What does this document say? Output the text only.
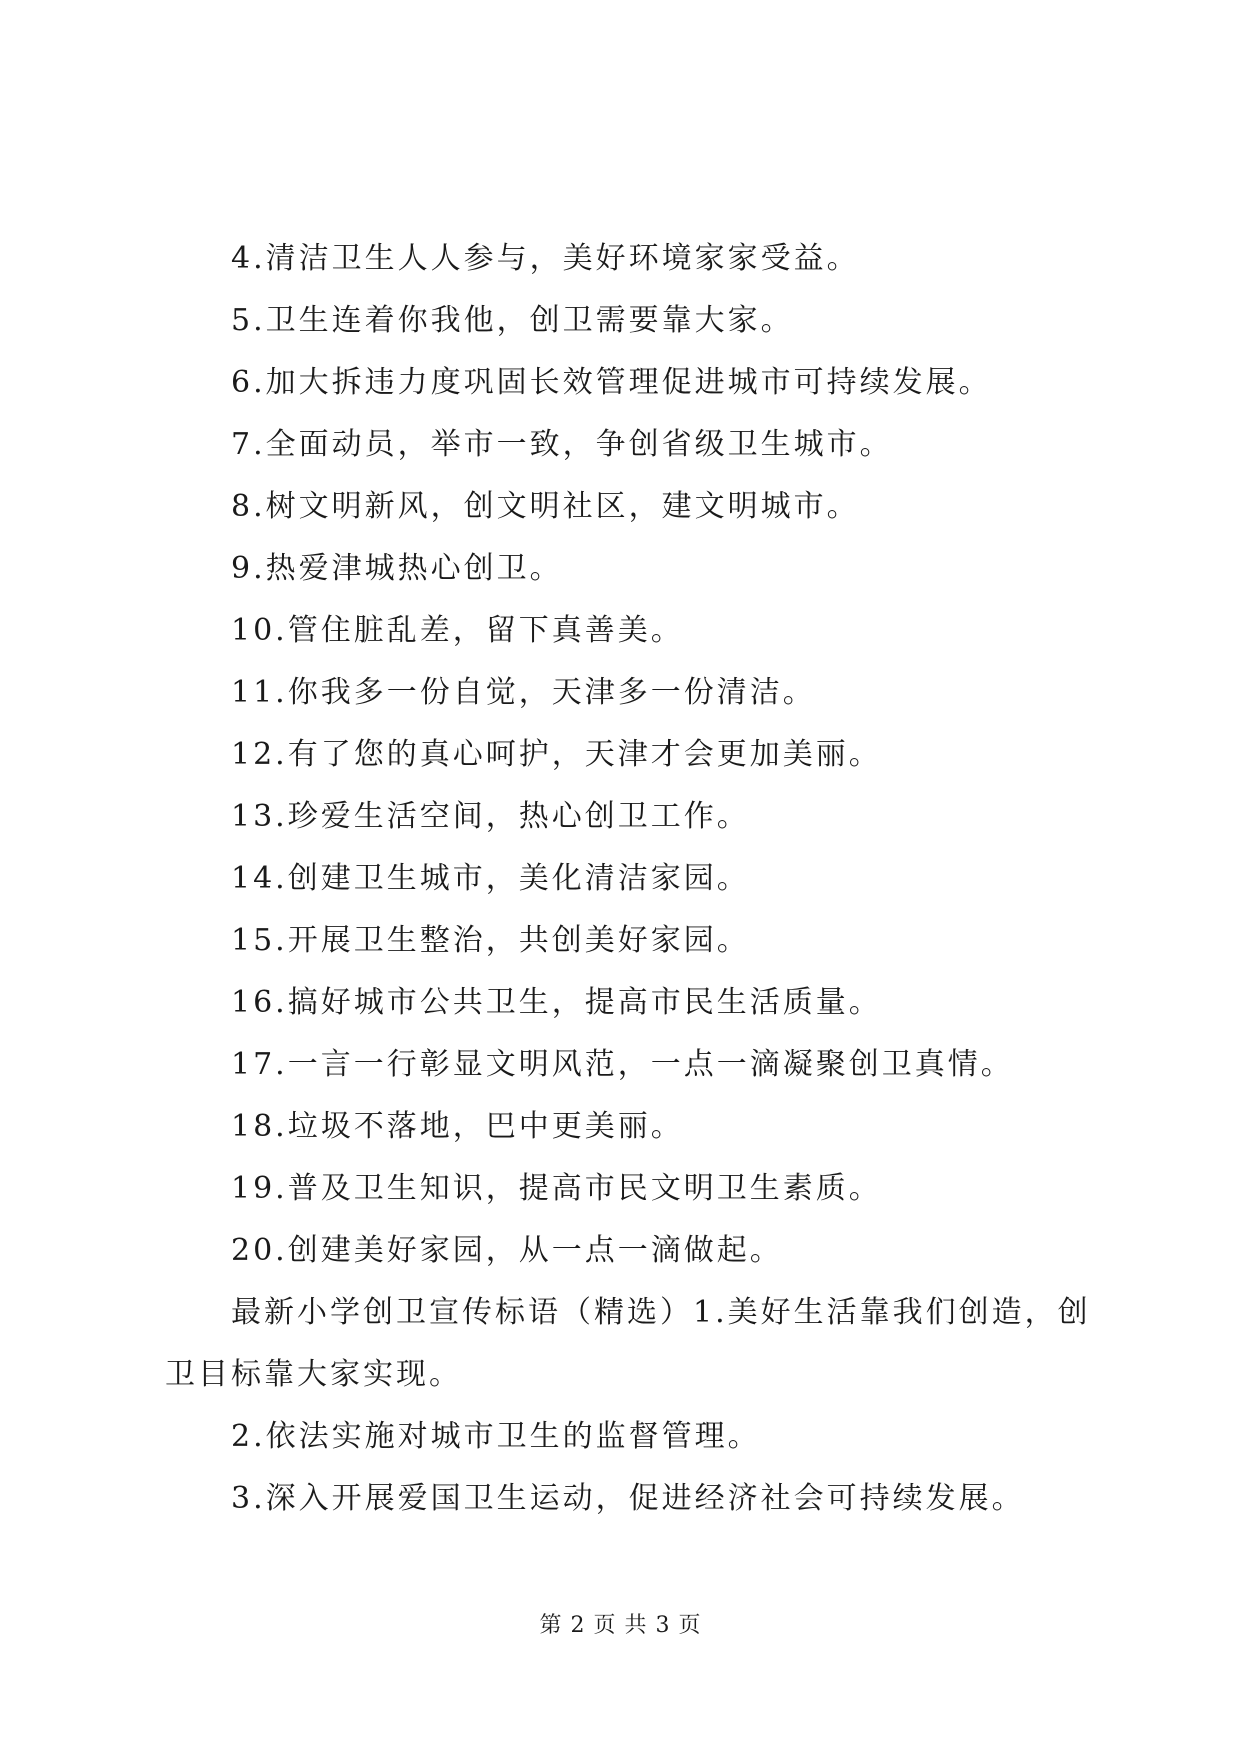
4.清洁卫生人人参与，美好环境家家受益。
5.卫生连着你我他，创卫需要靠大家。
6.加大拆违力度巩固长效管理促进城市可持续发展。
7.全面动员，举市一致，争创省级卫生城市。
8.树文明新风，创文明社区，建文明城市。
9.热爱津城热心创卫。
10.管住脏乱差，留下真善美。
11.你我多一份自觉，天津多一份清洁。
12.有了您的真心呵护，天津才会更加美丽。
13.珍爱生活空间，热心创卫工作。
14.创建卫生城市，美化清洁家园。
15.开展卫生整治，共创美好家园。
16.搞好城市公共卫生，提高市民生活质量。
17.一言一行彰显文明风范，一点一滴凝聚创卫真情。
18.垃圾不落地，巴中更美丽。
19.普及卫生知识，提高市民文明卫生素质。
20.创建美好家园，从一点一滴做起。
最新小学创卫宣传标语（精选）1.美好生活靠我们创造，创
卫目标靠大家实现。
2.依法实施对城市卫生的监督管理。
3.深入开展爱国卫生运动，促进经济社会可持续发展。
第 2 页 共 3 页
